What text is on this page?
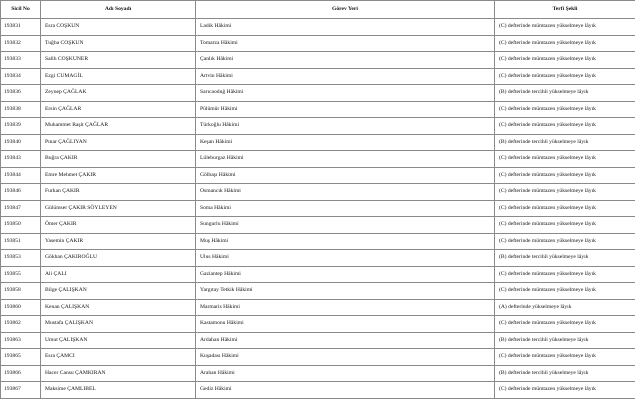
Sicil No	Adı Soyadı	Görev Yeri	Terfi Şekli
193831	Esra COŞKUN	Ladik Hâkimi	(C) defterinde mümtazen yükselmeye lâyık
193832	Tuğba COŞKUN	Tomarza Hâkimi	(C) defterinde mümtazen yükselmeye lâyık
193833	Salih COŞKUNER	Çanlık Hâkimi	(C) defterinde mümtazen yükselmeye lâyık
193834	Ezgi CUMAGİL	Artvin Hâkimi	(C) defterinde mümtazen yükselmeye lâyık
193836	Zeynep ÇAĞLAK	Sarıcaoduğ Hâkimi	(B) defterinde tercihli yükselmeye lâyık
193838	Ersin ÇAĞLAR	Pülümür Hâkimi	(C) defterinde mümtazen yükselmeye lâyık
193839	Muhammet Raşit ÇAĞLAR	Türkoğlu Hâkimi	(C) defterinde mümtazen yükselmeye lâyık
193840	Pınar ÇAĞLIYAN	Keşan Hâkimi	(B) defterinde tercihli yükselmeye lâyık
193843	Buğra ÇAKIR	Lüleburgaz Hâkimi	(C) defterinde mümtazen yükselmeye lâyık
193844	Emre Mehmet ÇAKIR	Gölbaşı Hâkimi	(C) defterinde mümtazen yükselmeye lâyık
193846	Furkan ÇAKIR	Osmancık Hâkimi	(C) defterinde mümtazen yükselmeye lâyık
193847	Gülümser ÇAKIR SÖYLEYEN	Soma Hâkimi	(C) defterinde mümtazen yükselmeye lâyık
193850	Ömer ÇAKIR	Sungurlu Hâkimi	(C) defterinde mümtazen yükselmeye lâyık
193851	Yasemin ÇAKIR	Muş Hâkimi	(C) defterinde mümtazen yükselmeye lâyık
193853	Gökhan ÇAKIROĞLU	Ulus Hâkimi	(B) defterinde tercihli yükselmeye lâyık
193855	Ali ÇALI	Gaziantep Hâkimi	(C) defterinde mümtazen yükselmeye lâyık
193858	Bilge ÇALIŞKAN	Yargıtay Tetkik Hâkimi	(C) defterinde mümtazen yükselmeye lâyık
193860	Kenan ÇALIŞKAN	Marmaris Hâkimi	(A) defterinde yükselmeye lâyık
193862	Mustafa ÇALIŞKAN	Kastamonu Hâkimi	(C) defterinde mümtazen yükselmeye lâyık
193863	Umut ÇALIŞKAN	Ardahan Hâkimi	(B) defterinde tercihli yükselmeye lâyık
193865	Esra ÇAMCI	Kuşadası Hâkimi	(C) defterinde mümtazen yükselmeye lâyık
193866	Hacer Cansu ÇAMKIRAN	Arahan Hâkimi	(B) defterinde tercihli yükselmeye lâyık
193867	Maksime ÇAMLIBEL	Gediz Hâkimi	(C) defterinde mümtazen yükselmeye lâyık
